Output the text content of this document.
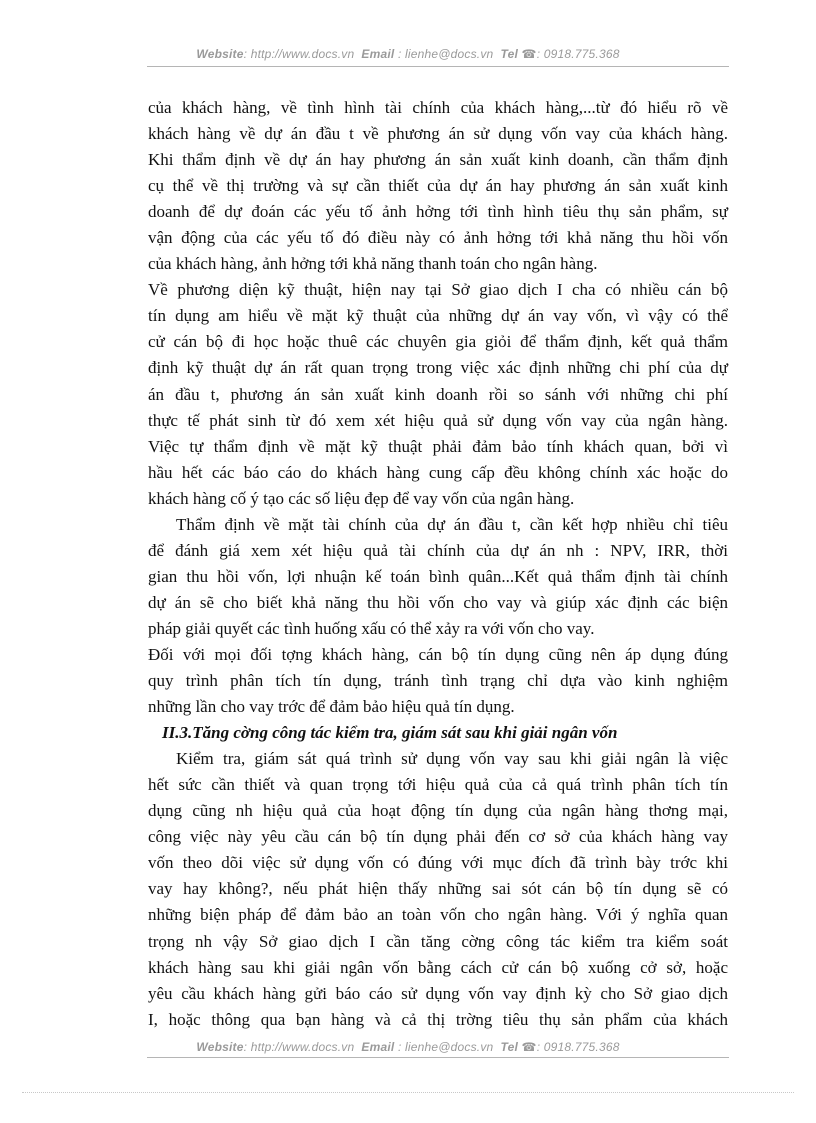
Website: http://www.docs.vn Email : lienhe@docs.vn Tel ☎: 0918.775.368
của khách hàng, về tình hình tài chính của khách hàng,...từ đó hiểu rõ về
khách hàng về dự án đầu t về phương án sử dụng vốn vay của khách hàng.
Khi thẩm định về dự án hay phương án sản xuất kinh doanh, cần thẩm định
cụ thể về thị trường và sự cần thiết của dự án hay phương án sản xuất kinh
doanh để dự đoán các yếu tố ảnh hởng tới tình hình tiêu thụ sản phẩm, sự
vận động của các yếu tố đó điều này có ảnh hởng tới khả năng thu hồi vốn
của khách hàng, ảnh hởng tới khả năng thanh toán cho ngân hàng.
Về phương diện kỹ thuật, hiện nay tại Sở giao dịch I cha có nhiều cán bộ
tín dụng am hiểu về mặt kỹ thuật của những dự án vay vốn, vì vậy có thể
cử cán bộ đi học hoặc thuê các chuyên gia giỏi để thẩm định, kết quả thẩm
định kỹ thuật dự án rất quan trọng trong việc xác định những chi phí của dự
án đầu t, phương án sản xuất kinh doanh rồi so sánh với những chi phí
thực tế phát sinh từ đó xem xét hiệu quả sử dụng vốn vay của ngân hàng.
Việc tự thẩm định về mặt kỹ thuật phải đảm bảo tính khách quan, bởi vì
hầu hết các báo cáo do khách hàng cung cấp đều không chính xác hoặc do
khách hàng cố ý tạo các số liệu đẹp để vay vốn của ngân hàng.
Thẩm định về mặt tài chính của dự án đầu t, cần kết hợp nhiều chỉ tiêu
để đánh giá xem xét hiệu quả tài chính của dự án nh : NPV, IRR, thời
gian thu hồi vốn, lợi nhuận kế toán bình quân...Kết quả thẩm định tài chính
dự án sẽ cho biết khả năng thu hồi vốn cho vay và giúp xác định các biện
pháp giải quyết các tình huống xấu có thể xảy ra với vốn cho vay.
Đối với mọi đối tợng khách hàng, cán bộ tín dụng cũng nên áp dụng đúng
quy trình phân tích tín dụng, tránh tình trạng chỉ dựa vào kinh nghiệm
những lần cho vay trớc để đảm bảo hiệu quả tín dụng.
II.3.Tăng cờng công tác kiểm tra, giám sát sau khi giải ngân vốn
Kiểm tra, giám sát quá trình sử dụng vốn vay sau khi giải ngân là việc
hết sức cần thiết và quan trọng tới hiệu quả của cả quá trình phân tích tín
dụng cũng nh hiệu quả của hoạt động tín dụng của ngân hàng thơng mại,
công việc này yêu cầu cán bộ tín dụng phải đến cơ sở của khách hàng vay
vốn theo dõi việc sử dụng vốn có đúng với mục đích đã trình bày trớc khi
vay hay không?, nếu phát hiện thấy những sai sót cán bộ tín dụng sẽ có
những biện pháp để đảm bảo an toàn vốn cho ngân hàng. Với ý nghĩa quan
trọng nh vậy Sở giao dịch I cần tăng cờng công tác kiểm tra kiểm soát
khách hàng sau khi giải ngân vốn bằng cách cử cán bộ xuống cở sở, hoặc
yêu cầu khách hàng gửi báo cáo sử dụng vốn vay định kỳ cho Sở giao dịch
I, hoặc thông qua bạn hàng và cả thị trờng tiêu thụ sản phẩm của khách
Website: http://www.docs.vn Email : lienhe@docs.vn Tel ☎: 0918.775.368
